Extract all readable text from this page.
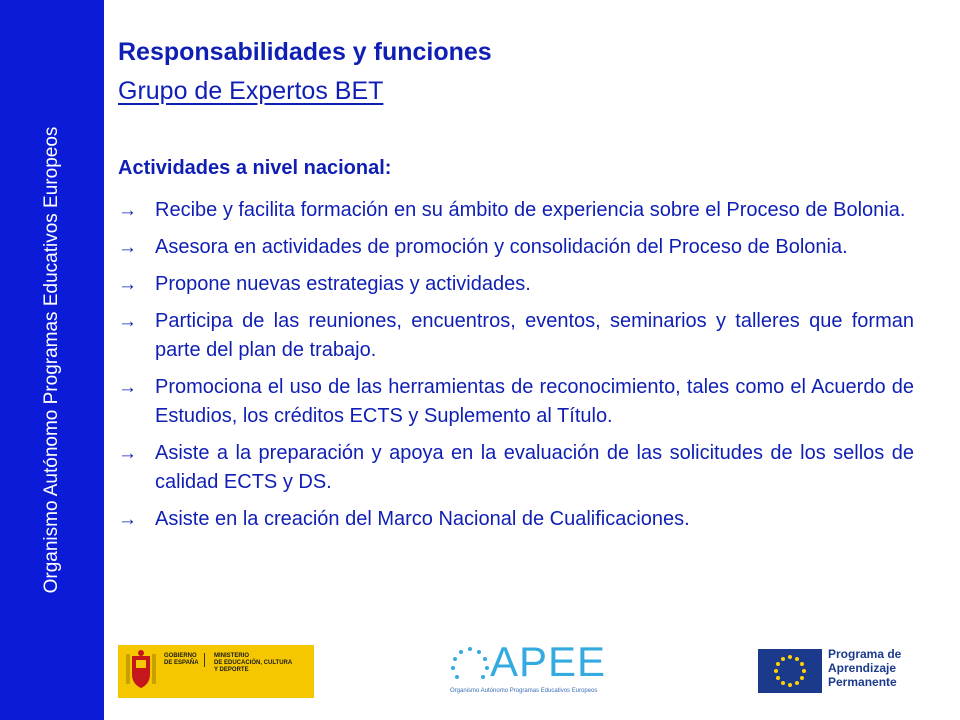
Organismo Autónomo Programas Educativos Europeos
Responsabilidades y funciones
Grupo de Expertos BET
Actividades a nivel nacional:
→ Recibe y facilita formación en su ámbito de experiencia sobre el Proceso de Bolonia.
→ Asesora en actividades de promoción y consolidación del Proceso de Bolonia.
→ Propone nuevas estrategias y actividades.
→ Participa de las reuniones, encuentros, eventos, seminarios y talleres que forman parte del plan de trabajo.
→ Promociona el uso de las herramientas de reconocimiento, tales como el Acuerdo de Estudios, los créditos ECTS y Suplemento al Título.
→ Asiste a la preparación y apoya en la evaluación de las solicitudes de los sellos de calidad ECTS y DS.
→ Asiste en la creación del Marco Nacional de Cualificaciones.
GOBIERNO
DE ESPAÑA
MINISTERIO
DE EDUCACIÓN, CULTURA
Y DEPORTE	APEE
Organismo Autónomo Programas Educativos Europeos
Programa de
Aprendizaje
Permanente
